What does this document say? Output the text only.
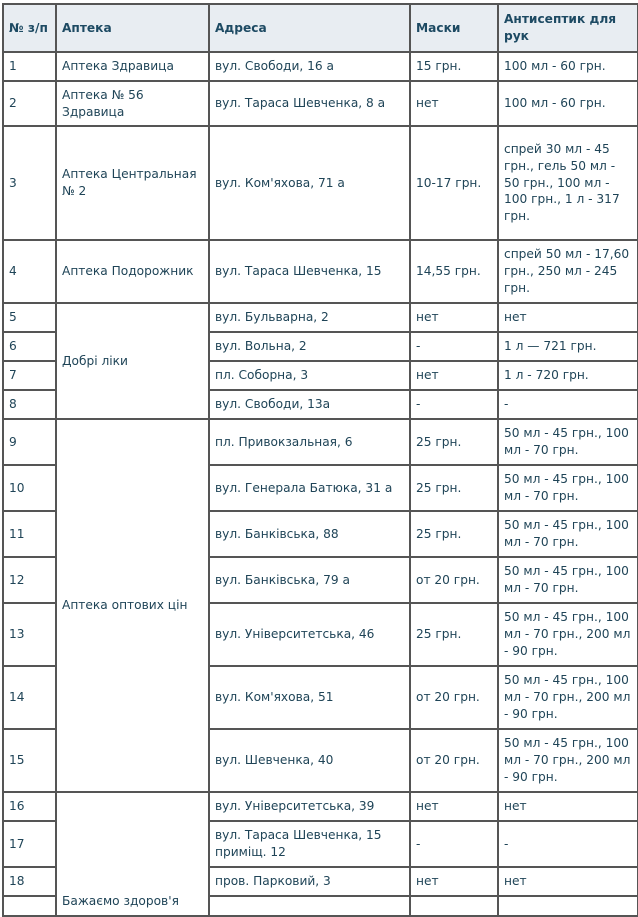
№ з/п	Аптека	Адреса	Маски	Антисептик для рук
1	Аптека Здравица	вул. Свободи, 16 а	15 грн.	100 мл - 60 грн.
2	Аптека № 56 Здравица	вул. Тараса Шевченка, 8 а	нет	100 мл - 60 грн.
3	Аптека Центральная № 2	вул. Ком'яхова, 71 а	10-17 грн.	спрей 30 мл - 45 грн., гель 50 мл - 50 грн., 100 мл - 100 грн., 1 л - 317 грн.
4	Аптека Подорожник	вул. Тараса Шевченка, 15	14,55 грн.	спрей 50 мл - 17,60 грн., 250 мл - 245 грн.
5	Добрі ліки	вул. Бульварна, 2	нет	нет
6		вул. Вольна, 2	-	1 л — 721 грн.
7		пл. Соборна, 3	нет	1 л - 720 грн.
8		вул. Свободи, 13а	-	-
9	Аптека оптових цін	пл. Привокзальная, 6	25 грн.	50 мл - 45 грн., 100 мл - 70 грн.
10		вул. Генерала Батюка, 31 а	25 грн.	50 мл - 45 грн., 100 мл - 70 грн.
11		вул. Банківська, 88	25 грн.	50 мл - 45 грн., 100 мл - 70 грн.
12		вул. Банківська, 79 а	от 20 грн.	50 мл - 45 грн., 100 мл - 70 грн.
13		вул. Університетська, 46	25 грн.	50 мл - 45 грн., 100 мл - 70 грн., 200 мл - 90 грн.
14		вул. Ком'яхова, 51	от 20 грн.	50 мл - 45 грн., 100 мл - 70 грн., 200 мл - 90 грн.
15		вул. Шевченка, 40	от 20 грн.	50 мл - 45 грн., 100 мл - 70 грн., 200 мл - 90 грн.
16	Бажаємо здоров'я	вул. Університетська, 39	нет	нет
17		вул. Тараса Шевченка, 15 приміщ. 12	-	-
18		пров. Парковий, 3	нет	нет
